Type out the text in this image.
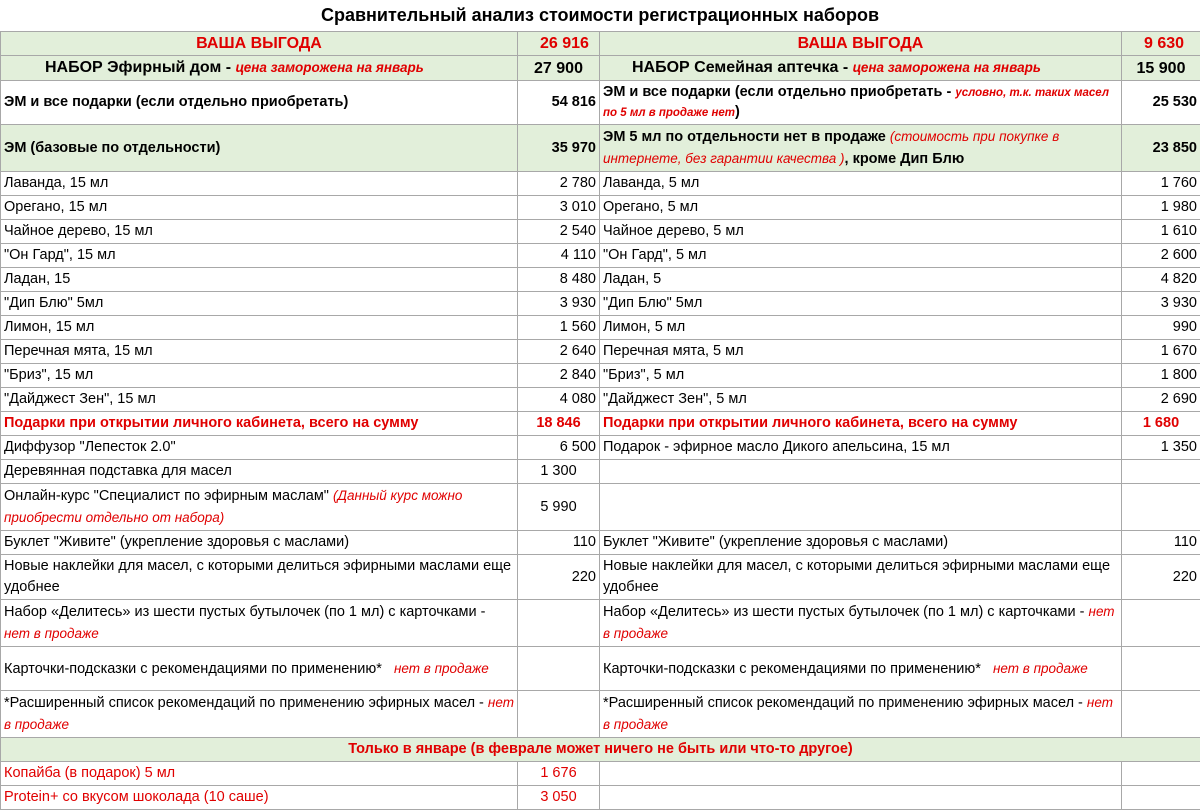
Сравнительный анализ стоимости регистрационных наборов
ВАША ВЫГОДА	26 916	ВАША ВЫГОДА	9 630
НАБОР Эфирный дом - цена заморожена на январь	27 900	НАБОР Семейная аптечка - цена заморожена на январь	15 900
ЭМ и все подарки (если отдельно приобретать)	54 816	ЭМ и все подарки (если отдельно приобретать - условно, т.к. таких масел по 5 мл в продаже нет)	25 530
ЭМ (базовые по отдельности)	35 970	ЭМ 5 мл по отдельности нет в продаже (стоимость при покупке в интернете, без гарантии качества ), кроме Дип Блю	23 850
Лаванда, 15 мл	2 780	Лаванда, 5 мл	1 760
Орегано, 15 мл	3 010	Орегано, 5 мл	1 980
Чайное дерево, 15 мл	2 540	Чайное дерево, 5 мл	1 610
"Он Гард", 15 мл	4 110	"Он Гард", 5 мл	2 600
Ладан, 15	8 480	Ладан, 5	4 820
"Дип Блю" 5мл	3 930	"Дип Блю" 5мл	3 930
Лимон, 15 мл	1 560	Лимон, 5 мл	990
Перечная мята, 15 мл	2 640	Перечная мята, 5 мл	1 670
"Бриз", 15 мл	2 840	"Бриз", 5 мл	1 800
"Дайджест Зен", 15 мл	4 080	"Дайджест Зен", 5 мл	2 690
Подарки при открытии личного кабинета, всего на сумму	18 846	Подарки при открытии личного кабинета, всего на сумму	1 680
Диффузор "Лепесток 2.0"	6 500	Подарок - эфирное масло Дикого апельсина, 15 мл	1 350
Деревянная подставка для масел	1 300		
Онлайн-курс "Специалист по эфирным маслам" (Данный курс можно приобрести отдельно от набора)	5 990		
Буклет "Живите" (укрепление здоровья с маслами)	110	Буклет "Живите" (укрепление здоровья с маслами)	110
Новые наклейки для масел, с которыми делиться эфирными маслами еще удобнее	220	Новые наклейки для масел, с которыми делиться эфирными маслами еще удобнее	220
Набор «Делитесь» из шести пустых бутылочек (по 1 мл) с карточками - нет в продаже		Набор «Делитесь» из шести пустых бутылочек (по 1 мл) с карточками - нет в продаже	
Карточки-подсказки с рекомендациями по применению* нет в продаже		Карточки-подсказки с рекомендациями по применению* нет в продаже	
*Расширенный список рекомендаций по применению эфирных масел - нет в продаже		*Расширенный список рекомендаций по применению эфирных масел - нет в продаже	
Только в январе (в феврале может ничего не быть или что-то другое)			
Копайба (в подарок) 5 мл	1 676		
Protein+ со вкусом шоколада (10 саше)	3 050		
